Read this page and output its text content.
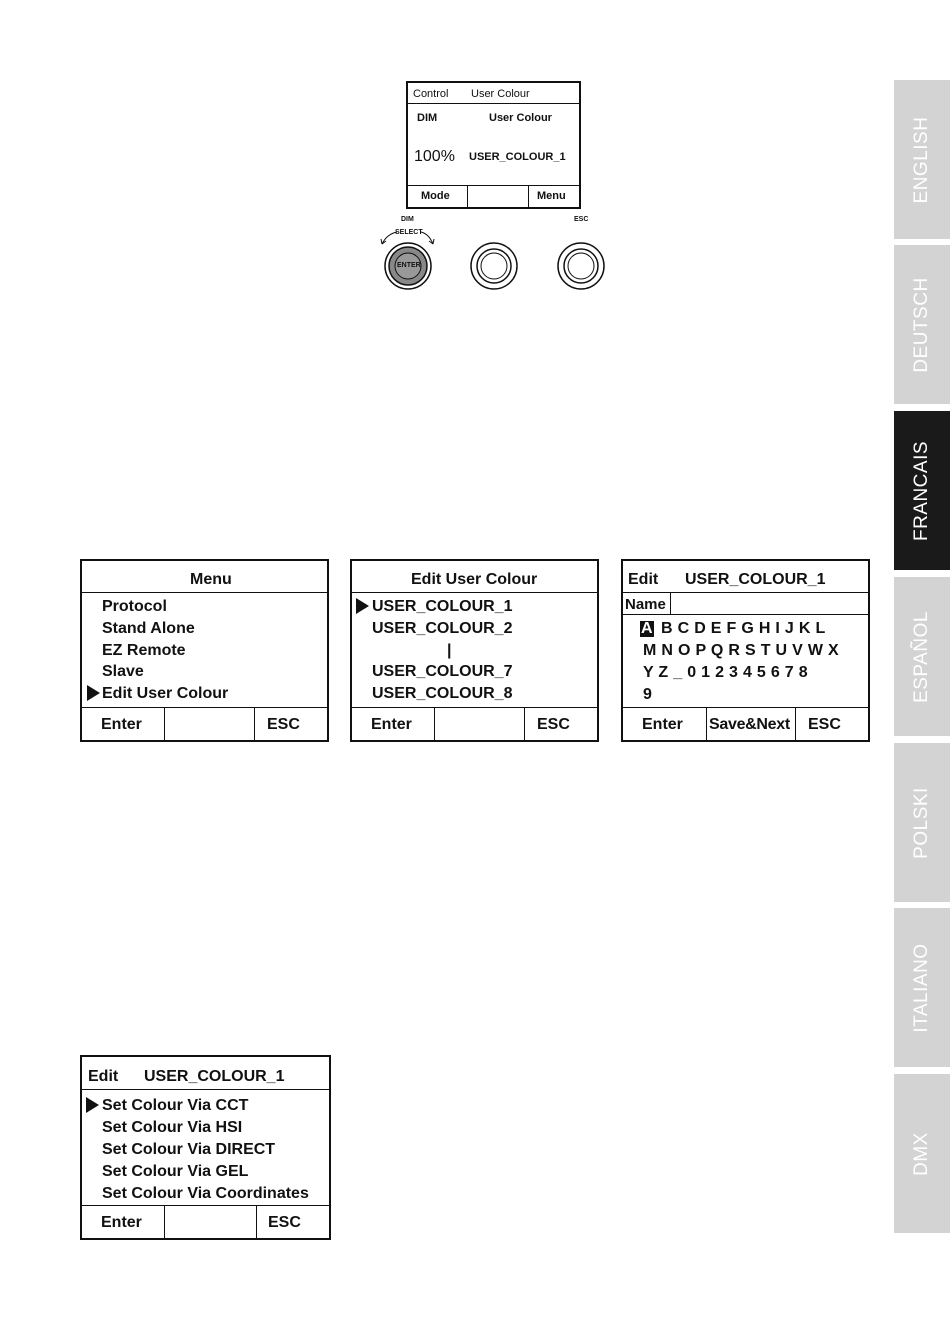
Control User Colour
DIM	User Colour
100% USER_COLOUR_1
Mode	Menu
DIM
SELECT
ESC
ENTER
Menu
Protocol
Stand Alone
EZ Remote
Slave
Edit User Colour
Enter	ESC
Edit User Colour
USER_COLOUR_1
USER_COLOUR_2
|
USER_COLOUR_7
USER_COLOUR_8
Enter	ESC
Edit USER_COLOUR_1
Name
A B C D E F G H I J K L
M N O P Q R S T U V W X
Y Z _ 0 1 2 3 4 5 6 7 8
9
Enter Save&Next ESC
Edit USER_COLOUR_1
Set Colour Via CCT
Set Colour Via HSI
Set Colour Via DIRECT
Set Colour Via GEL
Set Colour Via Coordinates
Enter	ESC
ENGLISH
DEUTSCH
FRANCAIS
ESPAÑOL
POLSKI
ITALIANO
DMX
